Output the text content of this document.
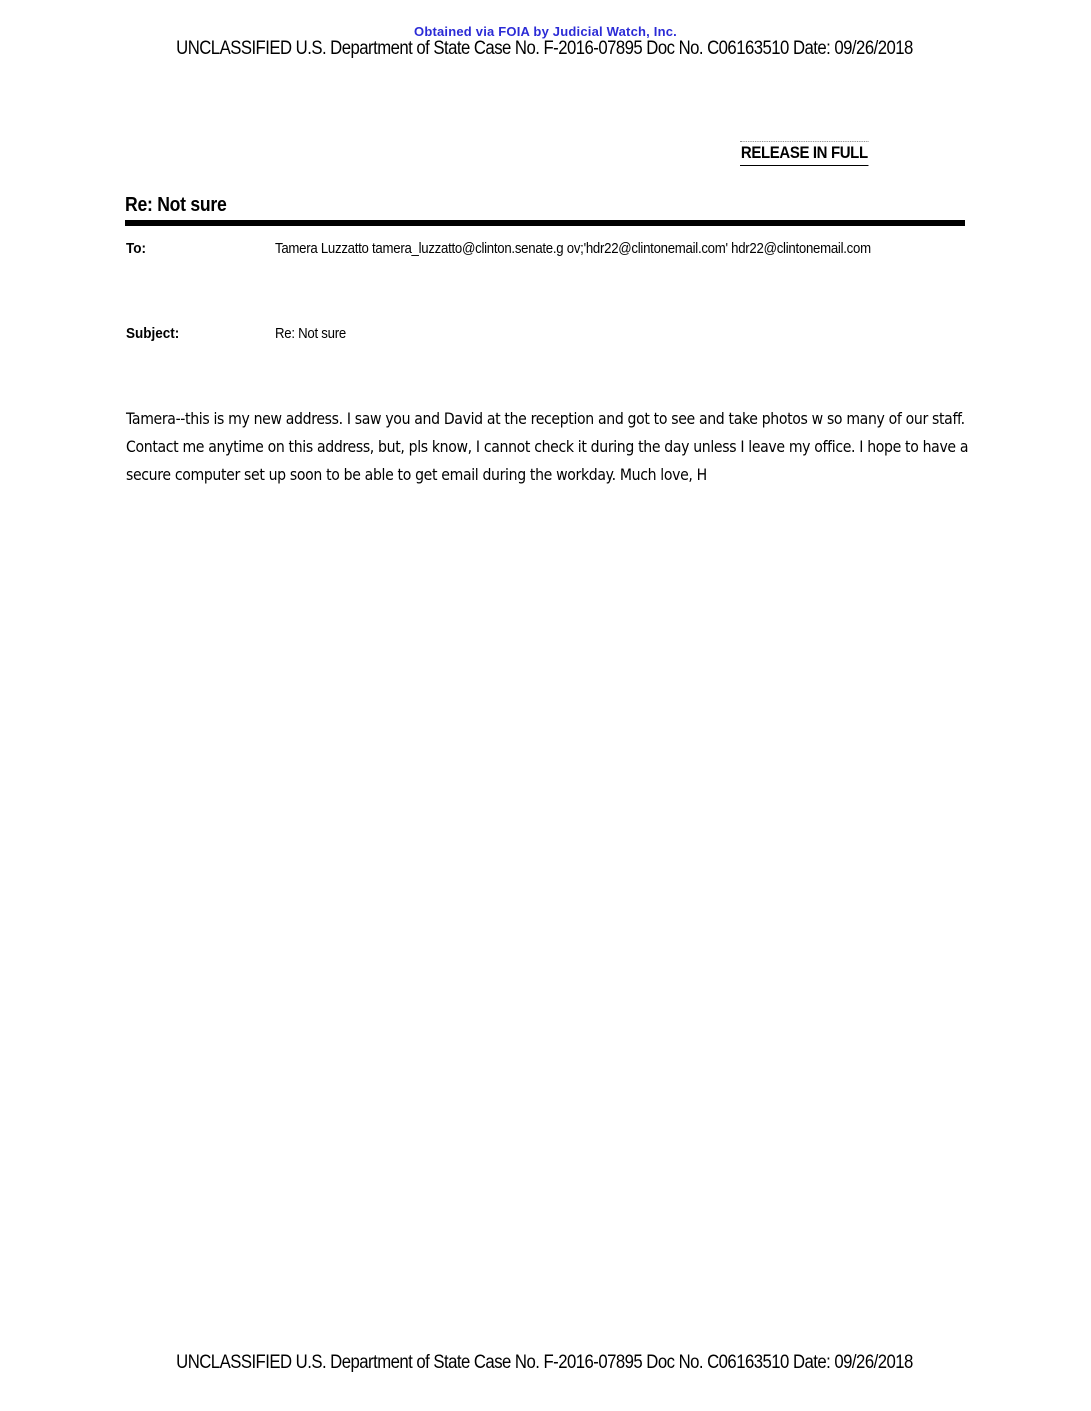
Obtained via FOIA by Judicial Watch, Inc.
UNCLASSIFIED U.S. Department of State Case No. F-2016-07895 Doc No. C06163510 Date: 09/26/2018
RELEASE IN FULL
Re: Not sure
To:	Tamera Luzzatto tamera_luzzatto@clinton.senate.g ov;'hdr22@clintonemail.com' hdr22@clintonemail.com
Subject:	Re: Not sure
Tamera--this is my new address. I saw you and David at the reception and got to see and take photos w so many of our staff.
Contact me anytime on this address, but, pls know, I cannot check it during the day unless I leave my office. I hope to have a
secure computer set up soon to be able to get email during the workday. Much love, H
UNCLASSIFIED U.S. Department of State Case No. F-2016-07895 Doc No. C06163510 Date: 09/26/2018
